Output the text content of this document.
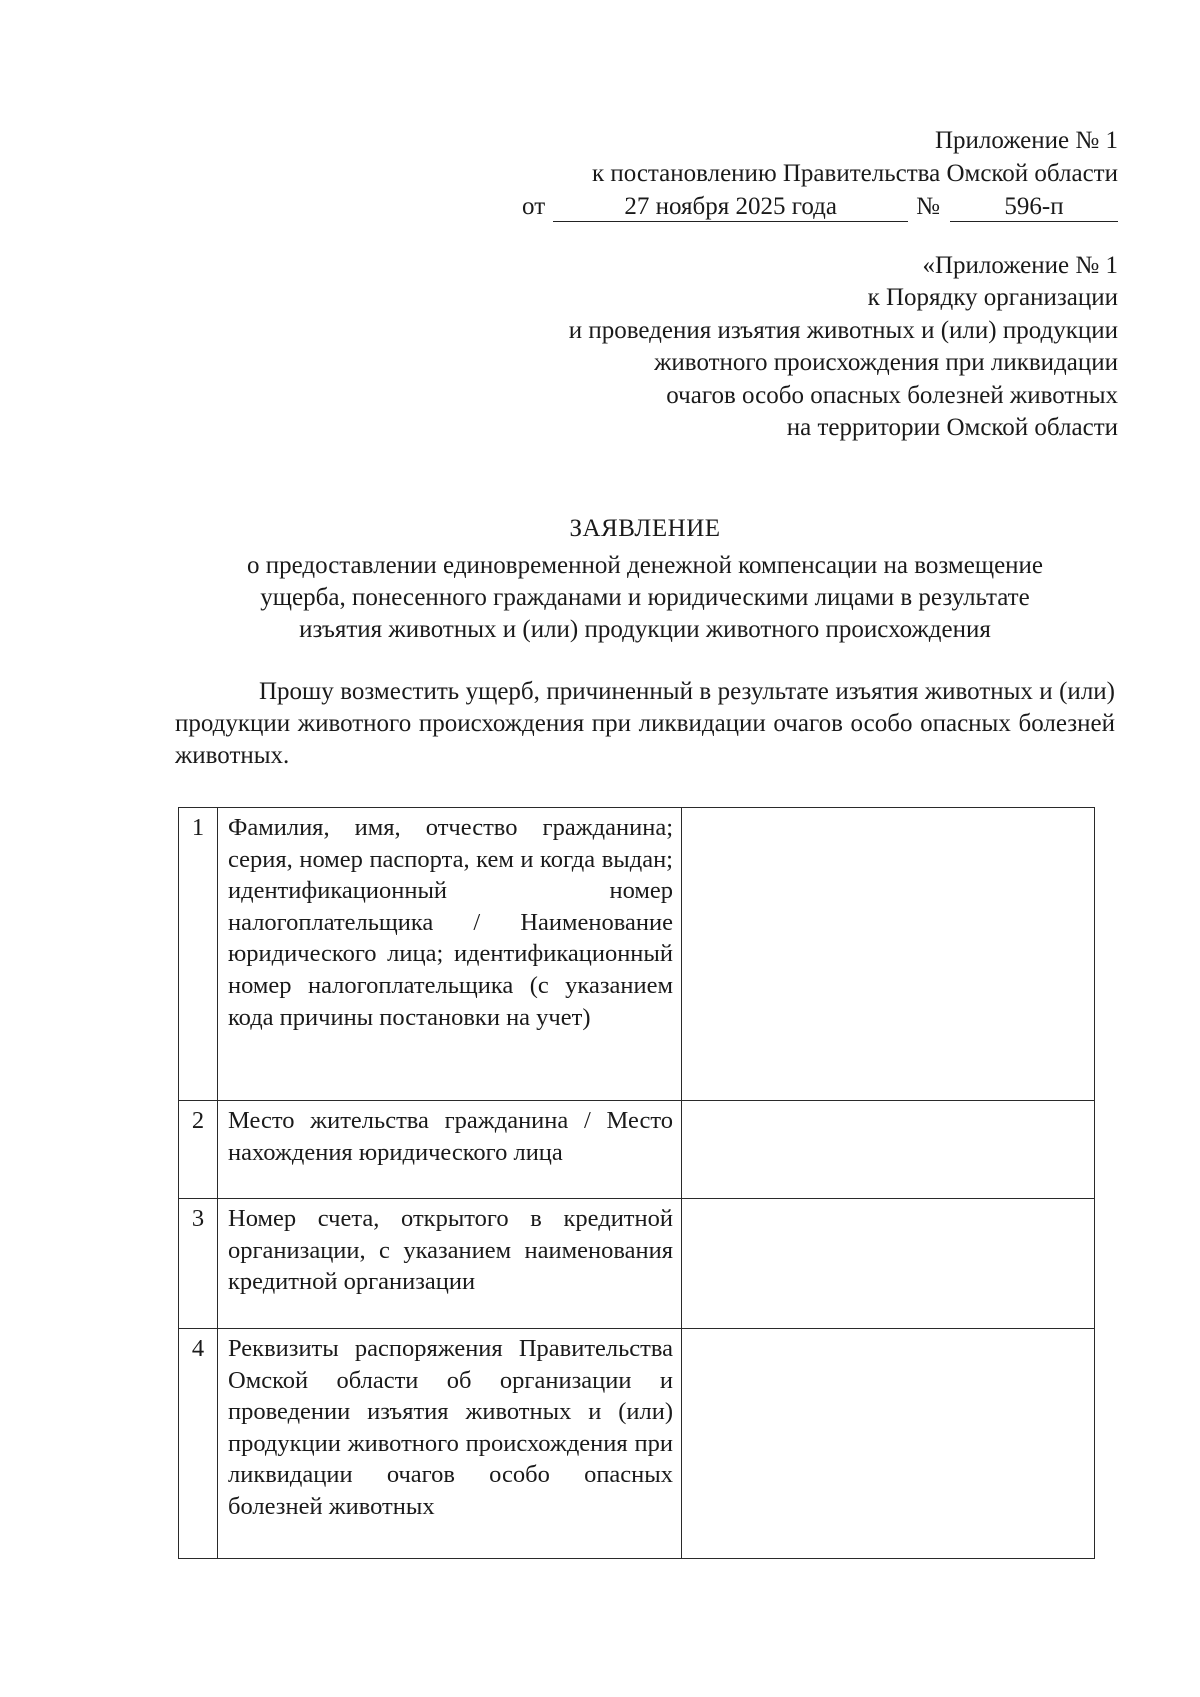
Приложение № 1
к постановлению Правительства Омской области
от	27 ноября 2025 года	№	596-п
«Приложение № 1
к Порядку организации
и проведения изъятия животных и (или) продукции
животного происхождения при ликвидации
очагов особо опасных болезней животных
на территории Омской области
ЗАЯВЛЕНИЕ
о предоставлении единовременной денежной компенсации на возмещение
ущерба, понесенного гражданами и юридическими лицами в результате
изъятия животных и (или) продукции животного происхождения
Прошу возместить ущерб, причиненный в результате изъятия животных и (или) продукции животного происхождения при ликвидации очагов особо опасных болезней животных.
1	Фамилия, имя, отчество гражданина; серия, номер паспорта, кем и когда выдан; идентификационный номер налогоплательщика / Наименование юридического лица; идентификационный номер налогоплательщика (с указанием кода причины постановки на учет)	
2	Место жительства гражданина / Место нахождения юридического лица	
3	Номер счета, открытого в кредитной организации, с указанием наименования кредитной организации	
4	Реквизиты распоряжения Правительства Омской области об организации и проведении изъятия животных и (или) продукции животного происхождения при ликвидации очагов особо опасных болезней животных	
